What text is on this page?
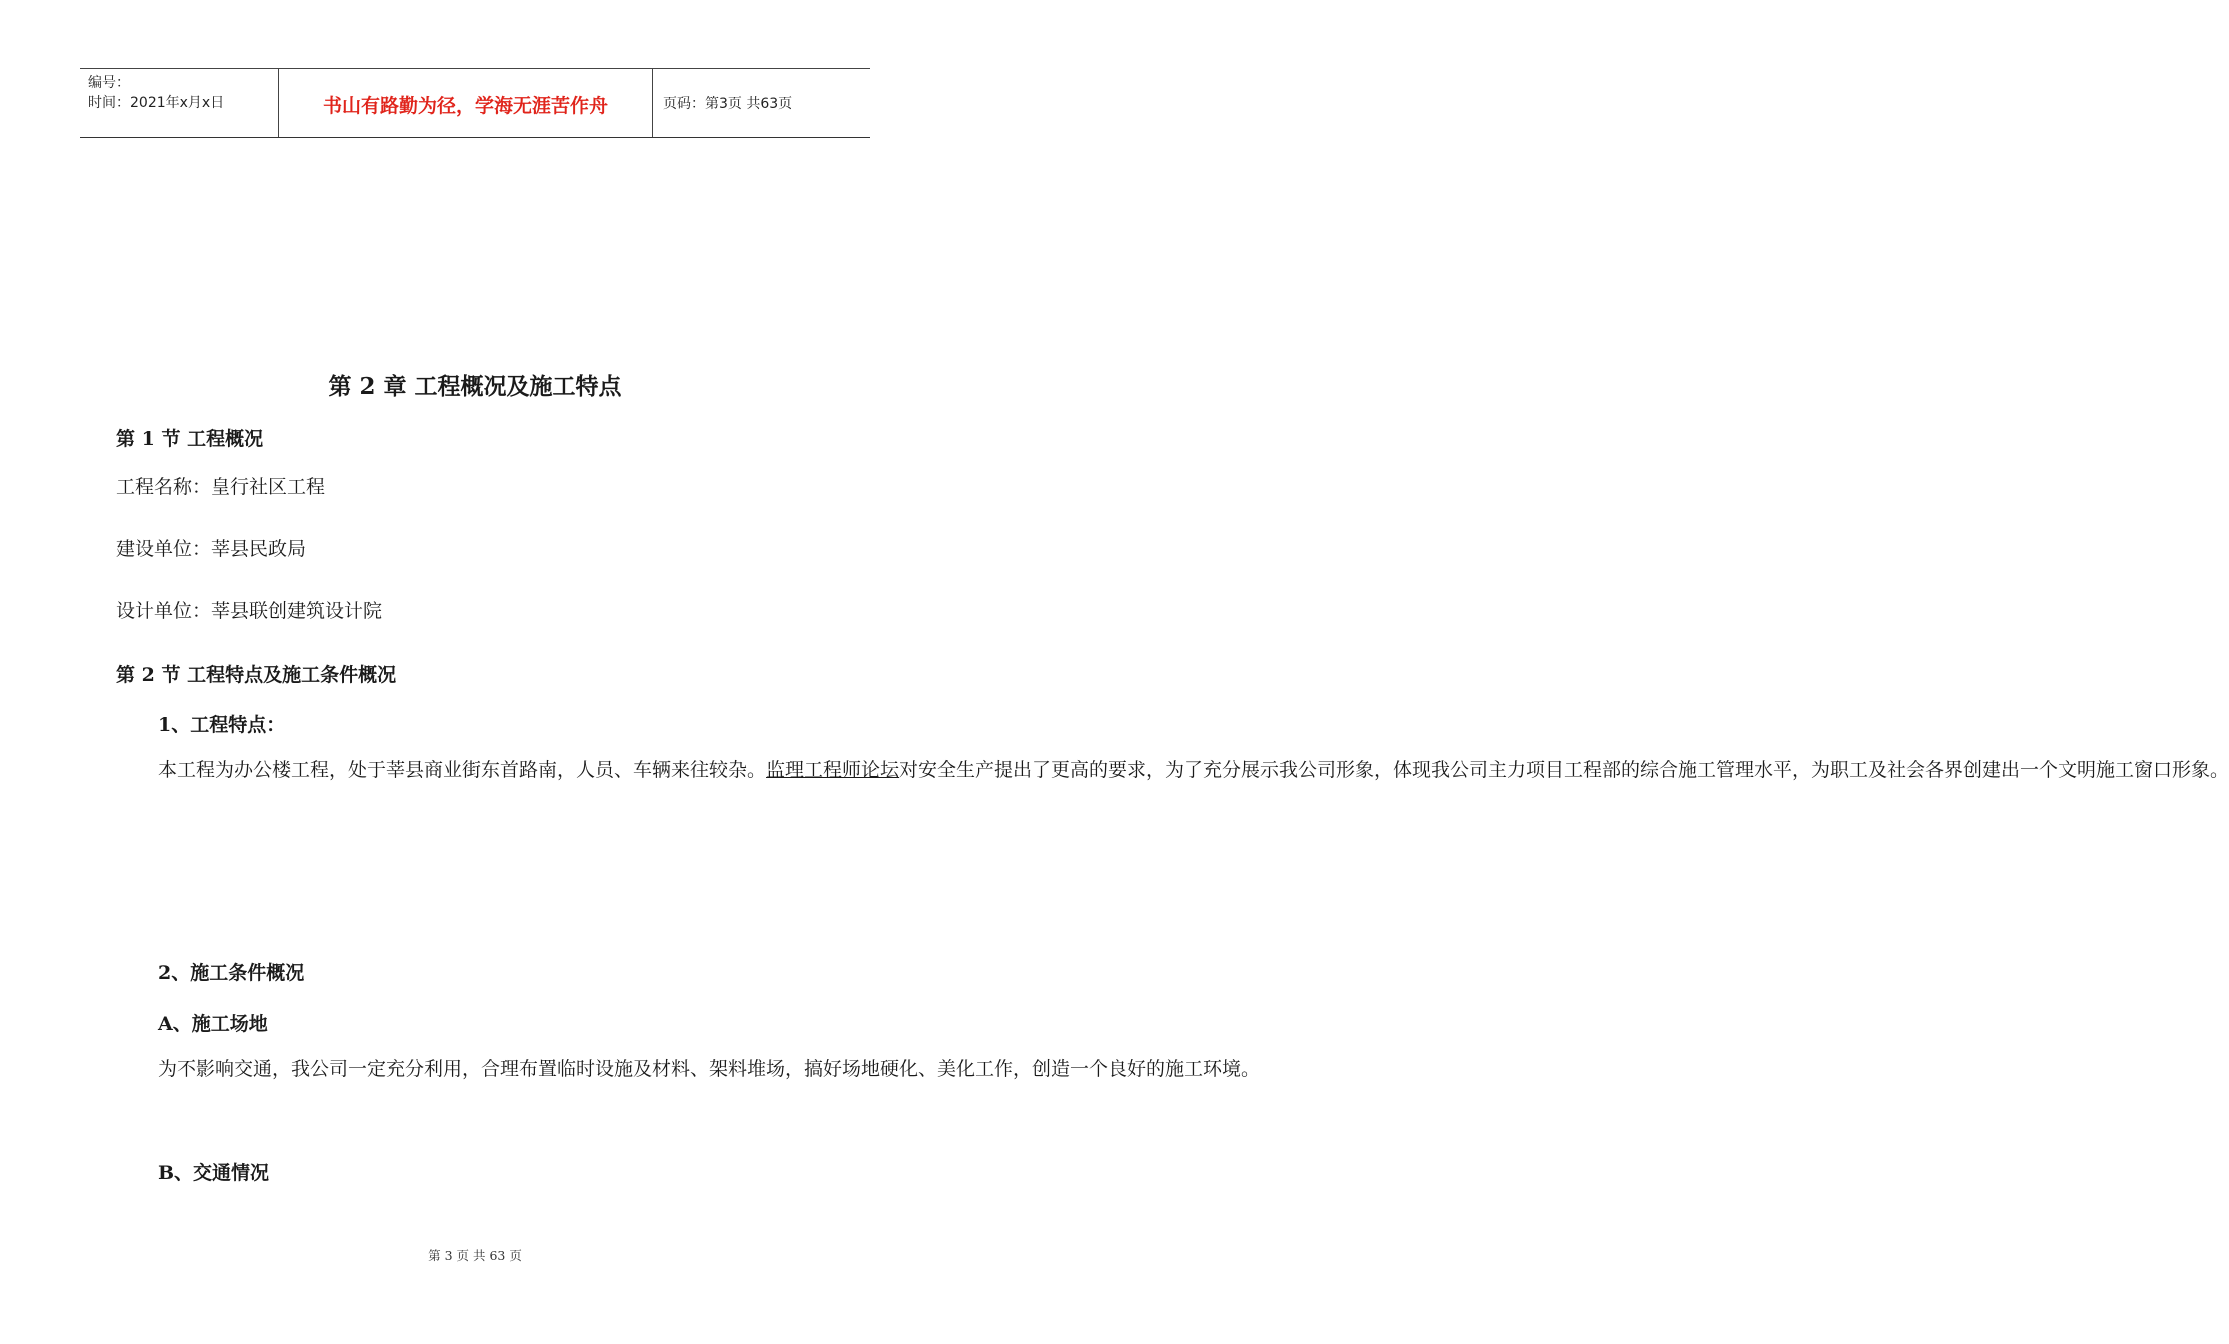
编号：
时间：2021年x月x日	书山有路勤为径，学海无涯苦作舟	页码：第3页 共63页
第 2 章 工程概况及施工特点
第 1 节 工程概况
工程名称：皇行社区工程
建设单位：莘县民政局
设计单位：莘县联创建筑设计院
第 2 节 工程特点及施工条件概况
1、工程特点：

本工程为办公楼工程，处于莘县商业街东首路南，人员、车辆来往较杂。监理工程师论坛对安全生产提出了更高的要求，为了充分展示我公司形象，体现我公司主力项目工程部的综合施工管理水平，为职工及社会各界创建出一个文明施工窗口形象。

2、施工条件概况
A、施工场地

为不影响交通，我公司一定充分利用，合理布置临时设施及材料、架料堆场，搞好场地硬化、美化工作，创造一个良好的施工环境。

B、交通情况
第 3 页 共 63 页
